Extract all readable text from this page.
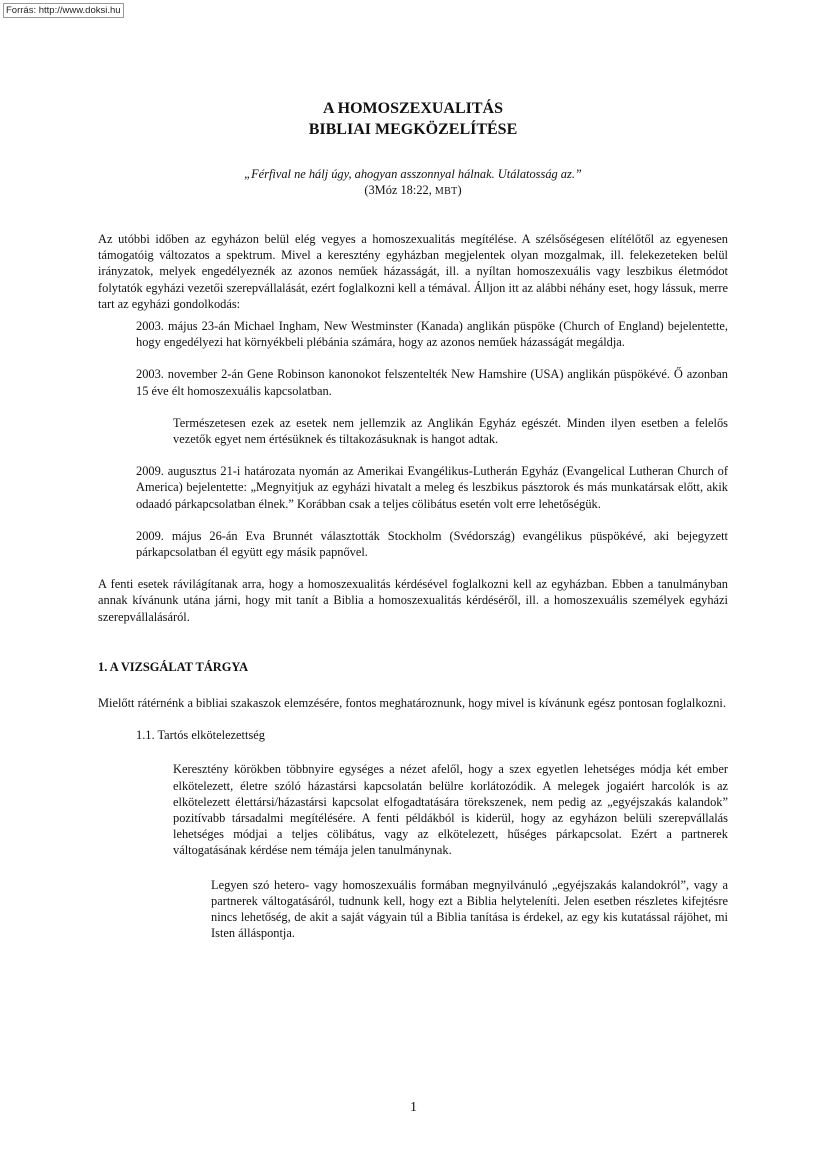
Forrás: http://www.doksi.hu
A HOMOSZEXUALITÁS
BIBLIAI MEGKÖZELÍTÉSE
„Férfival ne hálj úgy, ahogyan asszonnyal hálnak. Utálatosság az.”
(3Móz 18:22, MBT)

Az utóbbi időben az egyházon belül elég vegyes a homoszexualitás megítélése. A szélsőségesen elítélőtől az egyenesen támogatóig változatos a spektrum. Mivel a keresztény egyházban megjelentek olyan mozgalmak, ill. felekezeteken belül irányzatok, melyek engedélyeznék az azonos neműek házasságát, ill. a nyíltan homoszexuális vagy leszbikus életmódot folytatók egyházi vezetői szerepvállalását, ezért foglalkozni kell a témával. Álljon itt az alábbi néhány eset, hogy lássuk, merre tart az egyházi gondolkodás:

2003. május 23-án Michael Ingham, New Westminster (Kanada) anglikán püspöke (Church of England) bejelentette, hogy engedélyezi hat környékbeli plébánia számára, hogy az azonos neműek házasságát megáldja.

2003. november 2-án Gene Robinson kanonokot felszentelték New Hamshire (USA) anglikán püspökévé. Ő azonban 15 éve élt homoszexuális kapcsolatban.

Természetesen ezek az esetek nem jellemzik az Anglikán Egyház egészét. Minden ilyen esetben a felelős vezetők egyet nem értésüknek és tiltakozásuknak is hangot adtak.

2009. augusztus 21-i határozata nyomán az Amerikai Evangélikus-Lutherán Egyház (Evangelical Lutheran Church of America) bejelentette: „Megnyitjuk az egyházi hivatalt a meleg és leszbikus pásztorok és más munkatársak előtt, akik odaadó párkapcsolatban élnek.” Korábban csak a teljes cölibátus esetén volt erre lehetőségük.

2009. május 26-án Eva Brunnét választották Stockholm (Svédország) evangélikus püspökévé, aki bejegyzett párkapcsolatban él együtt egy másik papnővel.

A fenti esetek rávilágítanak arra, hogy a homoszexualitás kérdésével foglalkozni kell az egyházban. Ebben a tanulmányban annak kívánunk utána járni, hogy mit tanít a Biblia a homoszexualitás kérdéséről, ill. a homoszexuális személyek egyházi szerepvállalásáról.

1. A VIZSGÁLAT TÁRGYA

Mielőtt rátérnénk a bibliai szakaszok elemzésére, fontos meghatároznunk, hogy mivel is kívánunk egész pontosan foglalkozni.

1.1. Tartós elkötelezettség

Keresztény körökben többnyire egységes a nézet afelől, hogy a szex egyetlen lehetséges módja két ember elkötelezett, életre szóló házastársi kapcsolatán belülre korlátozódik. A melegek jogaiért harcolók is az elkötelezett élettársi/házastársi kapcsolat elfogadtatására törekszenek, nem pedig az „egyéjszakás kalandok” pozitívabb társadalmi megítélésére. A fenti példákból is kiderül, hogy az egyházon belüli szerepvállalás lehetséges módjai a teljes cölibátus, vagy az elkötelezett, hűséges párkapcsolat. Ezért a partnerek váltogatásának kérdése nem témája jelen tanulmánynak.

Legyen szó hetero- vagy homoszexuális formában megnyilvánuló „egyéjszakás kalandokról”, vagy a partnerek váltogatásáról, tudnunk kell, hogy ezt a Biblia helyteleníti. Jelen esetben részletes kifejtésre nincs lehetőség, de akit a saját vágyain túl a Biblia tanítása is érdekel, az egy kis kutatással rájöhet, mi Isten álláspontja.

1
